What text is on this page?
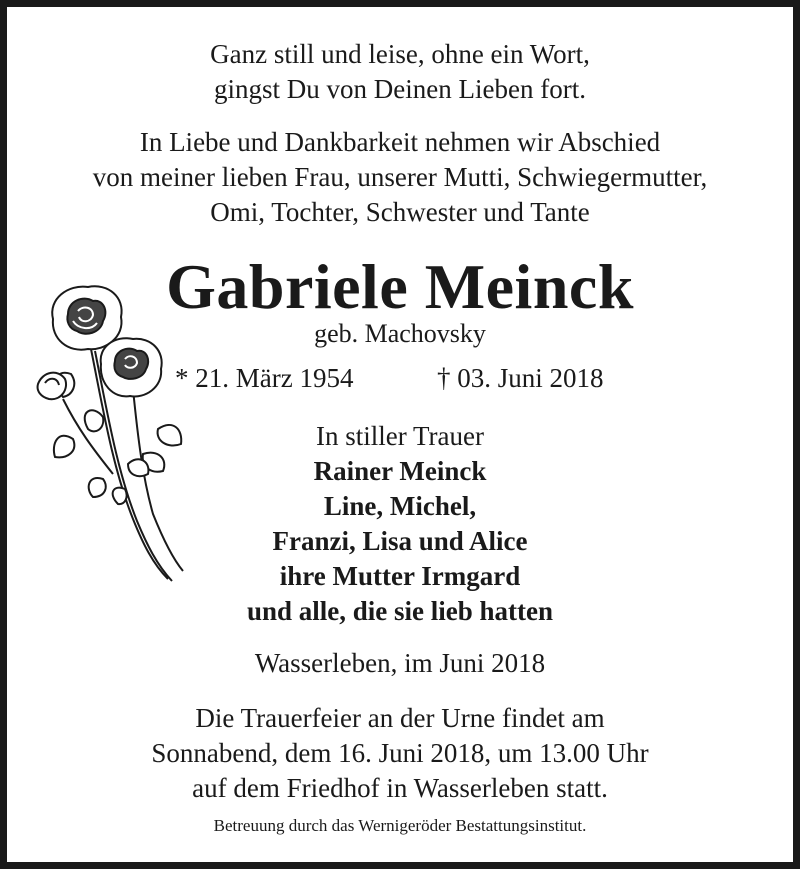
Ganz still und leise, ohne ein Wort,
gingst Du von Deinen Lieben fort.
In Liebe und Dankbarkeit nehmen wir Abschied
von meiner lieben Frau, unserer Mutti, Schwiegermutter,
Omi, Tochter, Schwester und Tante
Gabriele Meinck
geb. Machovsky
* 21. März 1954	† 03. Juni 2018
In stiller Trauer
Rainer Meinck
Line, Michel,
Franzi, Lisa und Alice
ihre Mutter Irmgard
und alle, die sie lieb hatten
Wasserleben, im Juni 2018
Die Trauerfeier an der Urne findet am
Sonnabend, dem 16. Juni 2018, um 13.00 Uhr
auf dem Friedhof in Wasserleben statt.
Betreuung durch das Wernigeröder Bestattungsinstitut.
